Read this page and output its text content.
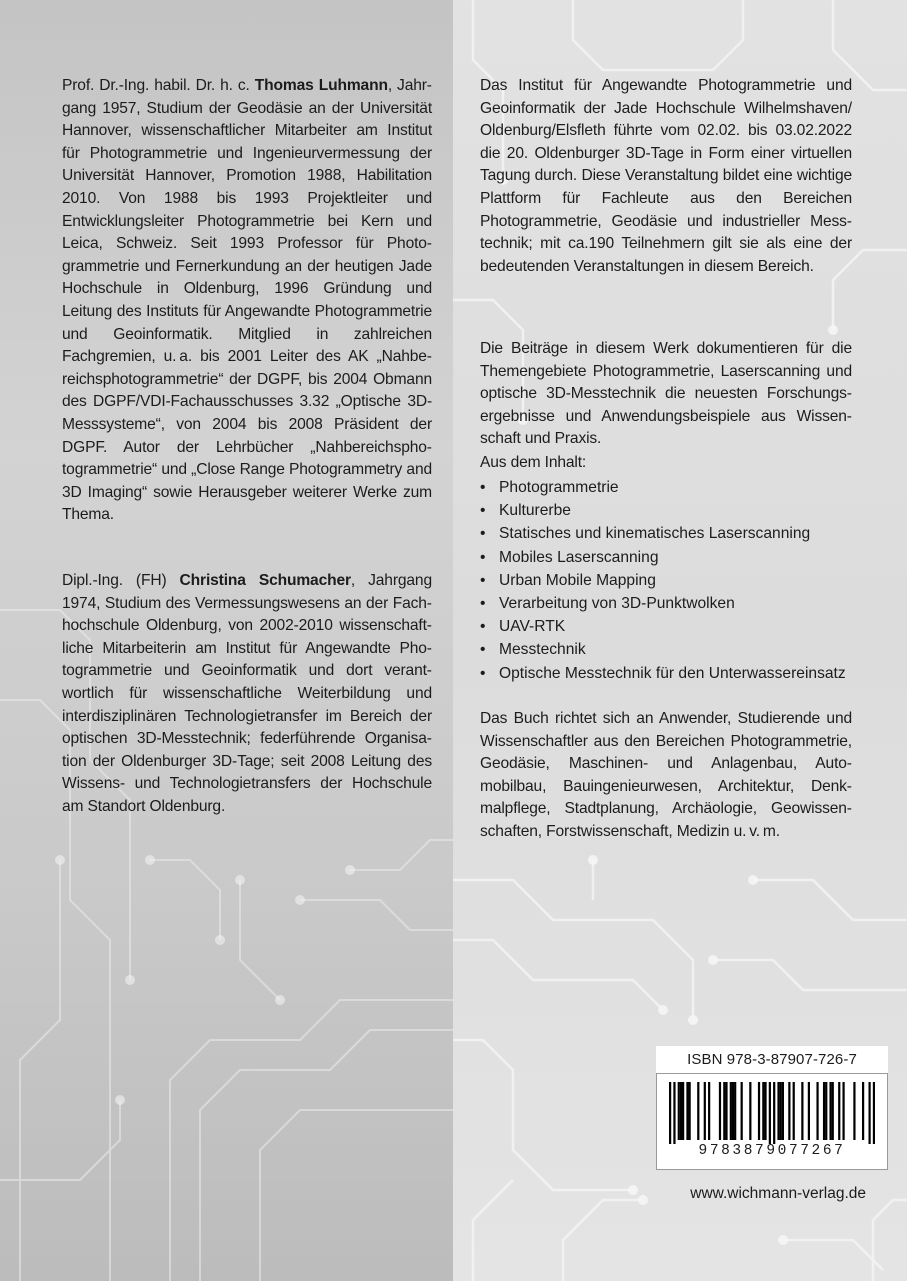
Prof. Dr.-Ing. habil. Dr. h. c. Thomas Luhmann, Jahrgang 1957, Studium der Geodäsie an der Universität Hannover, wissenschaftlicher Mitarbeiter am Institut für Photogrammetrie und Ingenieurvermessung der Universität Hannover, Promotion 1988, Habilitation 2010. Von 1988 bis 1993 Projektleiter und Entwicklungsleiter Photogrammetrie bei Kern und Leica, Schweiz. Seit 1993 Professor für Photogrammetrie und Fernerkundung an der heutigen Jade Hochschule in Oldenburg, 1996 Gründung und Leitung des Instituts für Angewandte Photogrammetrie und Geoinformatik. Mitglied in zahlreichen Fachgremien, u. a. bis 2001 Leiter des AK „Nahbereichsphotogrammetrie“ der DGPF, bis 2004 Obmann des DGPF/VDI-Fachausschusses 3.32 „Optische 3D-Messsysteme“, von 2004 bis 2008 Präsident der DGPF. Autor der Lehrbücher „Nahbereichsphotogrammetrie“ und „Close Range Photogrammetry and 3D Imaging“ sowie Herausgeber weiterer Werke zum Thema.

Dipl.-Ing. (FH) Christina Schumacher, Jahrgang 1974, Studium des Vermessungswesens an der Fachhochschule Oldenburg, von 2002-2010 wissenschaftliche Mitarbeiterin am Institut für Angewandte Photogrammetrie und Geoinformatik und dort verantwortlich für wissenschaftliche Weiterbildung und interdisziplinären Technologietransfer im Bereich der optischen 3D-Messtechnik; federführende Organisation der Oldenburger 3D-Tage; seit 2008 Leitung des Wissens- und Technologietransfers der Hochschule am Standort Oldenburg.

Das Institut für Angewandte Photogrammetrie und Geoinformatik der Jade Hochschule Wilhelmshaven/​Oldenburg/​Elsfleth führte vom 02.02. bis 03.02.2022 die 20. Oldenburger 3D-Tage in Form einer virtuellen Tagung durch. Diese Veranstaltung bildet eine wichtige Plattform für Fachleute aus den Bereichen Photogrammetrie, Geodäsie und industrieller Messtechnik; mit ca.190 Teilnehmern gilt sie als eine der bedeutenden Veranstaltungen in diesem Bereich.

Die Beiträge in diesem Werk dokumentieren für die Themengebiete Photogrammetrie, Laserscanning und optische 3D-Messtechnik die neuesten Forschungsergebnisse und Anwendungsbeispiele aus Wissenschaft und Praxis.

Aus dem Inhalt:

• Photogrammetrie
• Kulturerbe
• Statisches und kinematisches Laserscanning
• Mobiles Laserscanning
• Urban Mobile Mapping
• Verarbeitung von 3D-Punktwolken
• UAV-RTK
• Messtechnik
• Optische Messtechnik für den Unterwassereinsatz

Das Buch richtet sich an Anwender, Studierende und Wissenschaftler aus den Bereichen Photogrammetrie, Geodäsie, Maschinen- und Anlagenbau, Automobilbau, Bauingenieurwesen, Architektur, Denkmalpflege, Stadtplanung, Archäologie, Geowissenschaften, Forstwissenschaft, Medizin u. v. m.

ISBN 978-3-87907-726-7
9783879077267
www.wichmann-verlag.de
